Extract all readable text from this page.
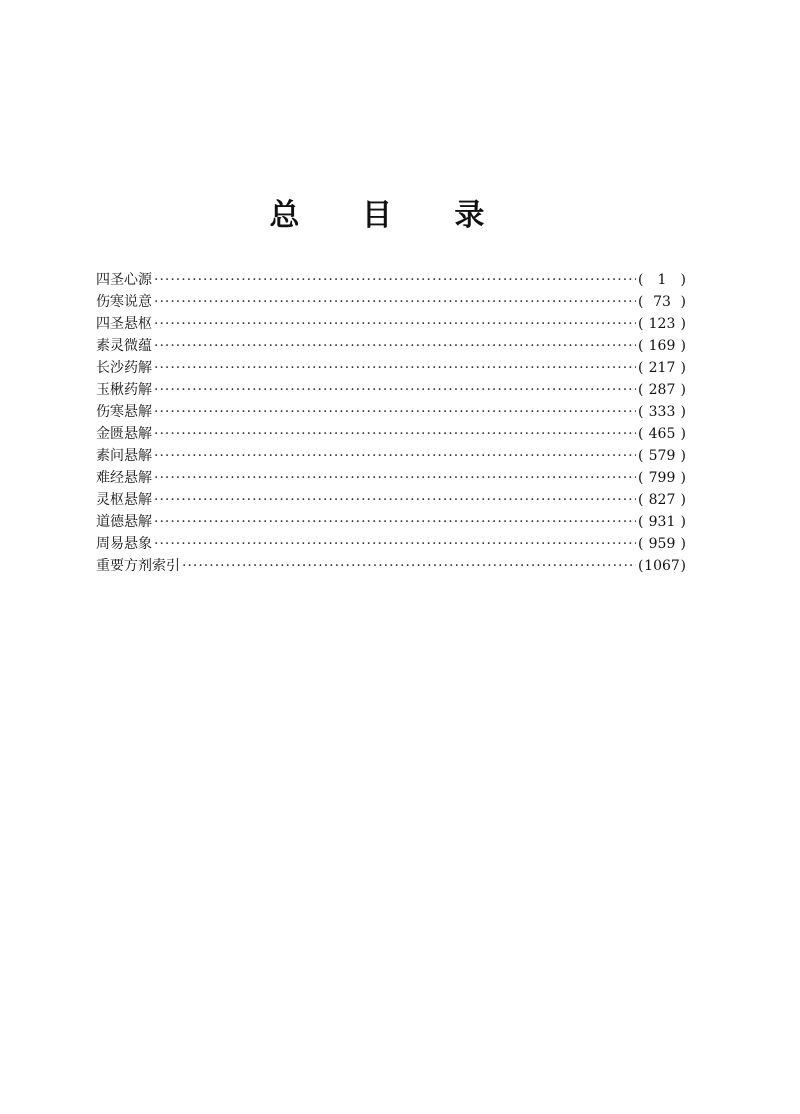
总 目 录
四圣心源 ·····	(	1	)
伤寒说意 ·····	( 73 )
四圣悬枢 ·····	( 123 )
素灵微蕴 ·····	( 169 )
长沙药解 ·····	( 217 )
玉楸药解 ·····	( 287 )
伤寒悬解 ·····	( 333 )
金匮悬解 ·····	( 465 )
素问悬解 ·····	( 579 )
难经悬解 ·····	( 799 )
灵枢悬解 ·····	( 827 )
道德悬解 ·····	( 931 )
周易悬象 ·····	( 959 )
重要方剂索引 ·····	( 1067 )
